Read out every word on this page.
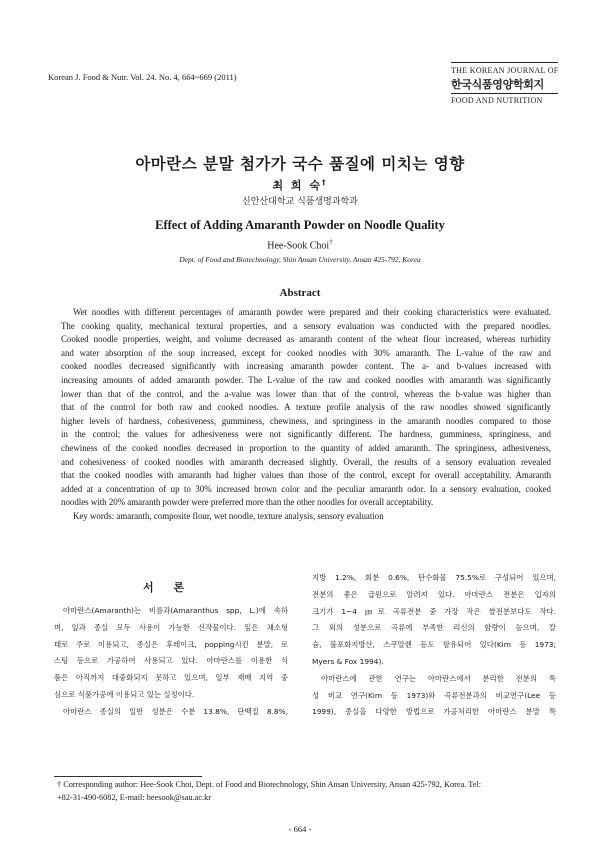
Korean J. Food & Nutr. Vol. 24. No. 4, 664~669 (2011)
THE KOREAN JOURNAL OF
한국식품영양학회지
FOOD AND NUTRITION
아마란스 분말 첨가가 국수 품질에 미치는 영향
최 희 숙†
신안산대학교 식품생명과학과
Effect of Adding Amaranth Powder on Noodle Quality
Hee-Sook Choi†
Dept. of Food and Biotechnology, Shin Ansan University, Ansan 425-792, Korea
Abstract
Wet noodles with different percentages of amaranth powder were prepared and their cooking characteristics were evaluated.
The cooking quality, mechanical textural properties, and a sensory evaluation was conducted with the prepared noodles.
Cooked noodle properties, weight, and volume decreased as amaranth content of the wheat flour increased, whereas turbidity
and water absorption of the soup increased, except for cooked noodles with 30% amaranth. The L-value of the raw and
cooked noodles decreased significantly with increasing amaranth powder content. The a- and b-values increased with
increasing amounts of added amaranth powder. The L-value of the raw and cooked noodles with amaranth was significantly
lower than that of the control, and the a-value was lower than that of the control, whereas the b-value was higher than
that of the control for both raw and cooked noodles. A texture profile analysis of the raw noodles showed significantly
higher levels of hardness, cohesiveness, gumminess, chewiness, and springiness in the amaranth noodles compared to those
in the control; the values for adhesiveness were not significantly different. The hardness, gumminess, springiness, and
chewiness of the cooked noodles decreased in proportion to the quantity of added amaranth. The springiness, adhesiveness,
and cohesiveness of cooked noodles with amaranth decreased slightly. Overall, the results of a sensory evaluation revealed
that the cooked noodles with amaranth had higher values than those of the control, except for overall acceptability. Amaranth
added at a concentration of up to 30% increased brown color and the peculiar amaranth odor. In a sensory evaluation, cooked
noodles with 20% amaranth powder were preferred more than the other noodles for overall acceptability.
Key words: amaranth, composite flour, wet noodle, texture analysis, sensory evaluation
서 론
아마란스(Amaranth)는 비름과(Amaranthus spp, L.)에 속하
며, 잎과 종실 모두 사용이 가능한 신작물이다. 잎은 채소형
태로 주로 이용되고, 종실은 후레이크, popping시킨 분말, 로
스팅 등으로 가공하여 사용되고 있다. 아마란스를 이용한 식
품은 아직까지 대중화되지 못하고 있으며, 일부 재배 지역 중
심으로 식품가공에 이용되고 있는 실정이다.
아마란스 종실의 일반 성분은 수분 13.8%, 단백질 8.8%,
지방 1.2%, 회분 0.6%, 탄수화물 75.5%로 구성되어 있으며,
전분의 좋은 급원으로 알려져 있다. 아마란스 전분은 입자의
크기가 1~4 ㎛로 곡류전분 중 가장 작은 쌀전분보다도 작다.
그 외의 성분으로 곡류에 부족한 리신의 함량이 높으며, 칼
슘, 불포화지방산, 스쿠알렌 등도 함유되어 있다(Kim 등 1973;
Myers & Fox 1994).
아마란스에 관한 연구는 아마란스에서 분리한 전분의 특
성 비교 연구(Kim 등 1973)와 곡류전분과의 비교연구(Lee 등
1999), 종실을 다양한 방법으로 가공처리한 아마란스 분말 특
† Corresponding author: Hee-Sook Choi, Dept. of Food and Biotechnology, Shin Ansan University, Ansan 425-792, Korea. Tel:
+82-31-490-6082, E-mail: heesook@sau.ac.kr
- 664 -
